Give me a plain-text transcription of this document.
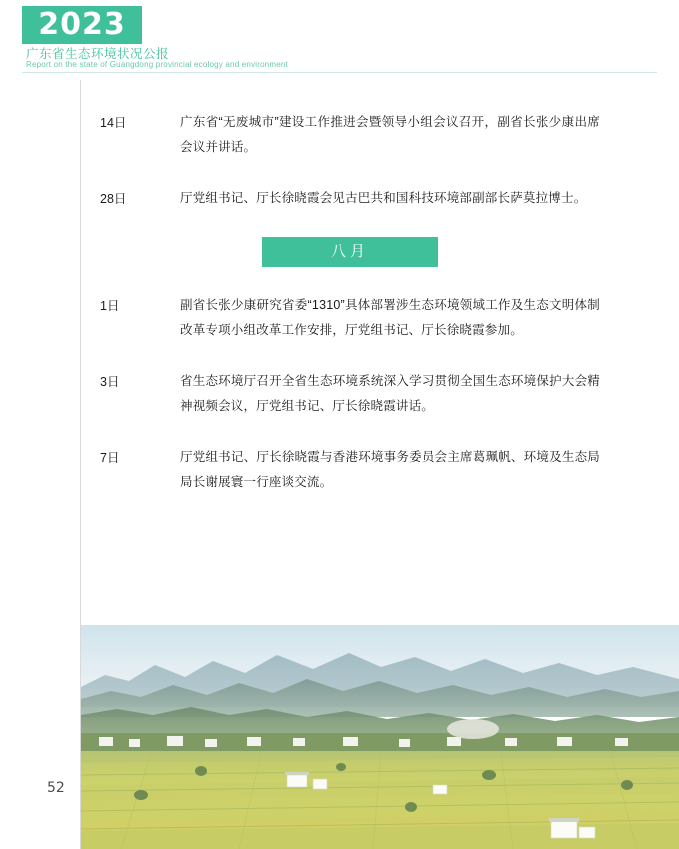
2023
广东省生态环境状况公报
Report on the state of Guangdong provincial ecology and environment
52
14日	广东省“无废城市”建设工作推进会暨领导小组会议召开，副省长张少康出席会议并讲话。
28日	厅党组书记、厅长徐晓霞会见古巴共和国科技环境部副部长萨莫拉博士。
八月
1日	副省长张少康研究省委“1310”具体部署涉生态环境领域工作及生态文明体制改革专项小组改革工作安排，厅党组书记、厅长徐晓霞参加。
3日	省生态环境厅召开全省生态环境系统深入学习贯彻全国生态环境保护大会精神视频会议，厅党组书记、厅长徐晓霞讲话。
7日	厅党组书记、厅长徐晓霞与香港环境事务委员会主席葛珮帆、环境及生态局局长谢展寰一行座谈交流。
